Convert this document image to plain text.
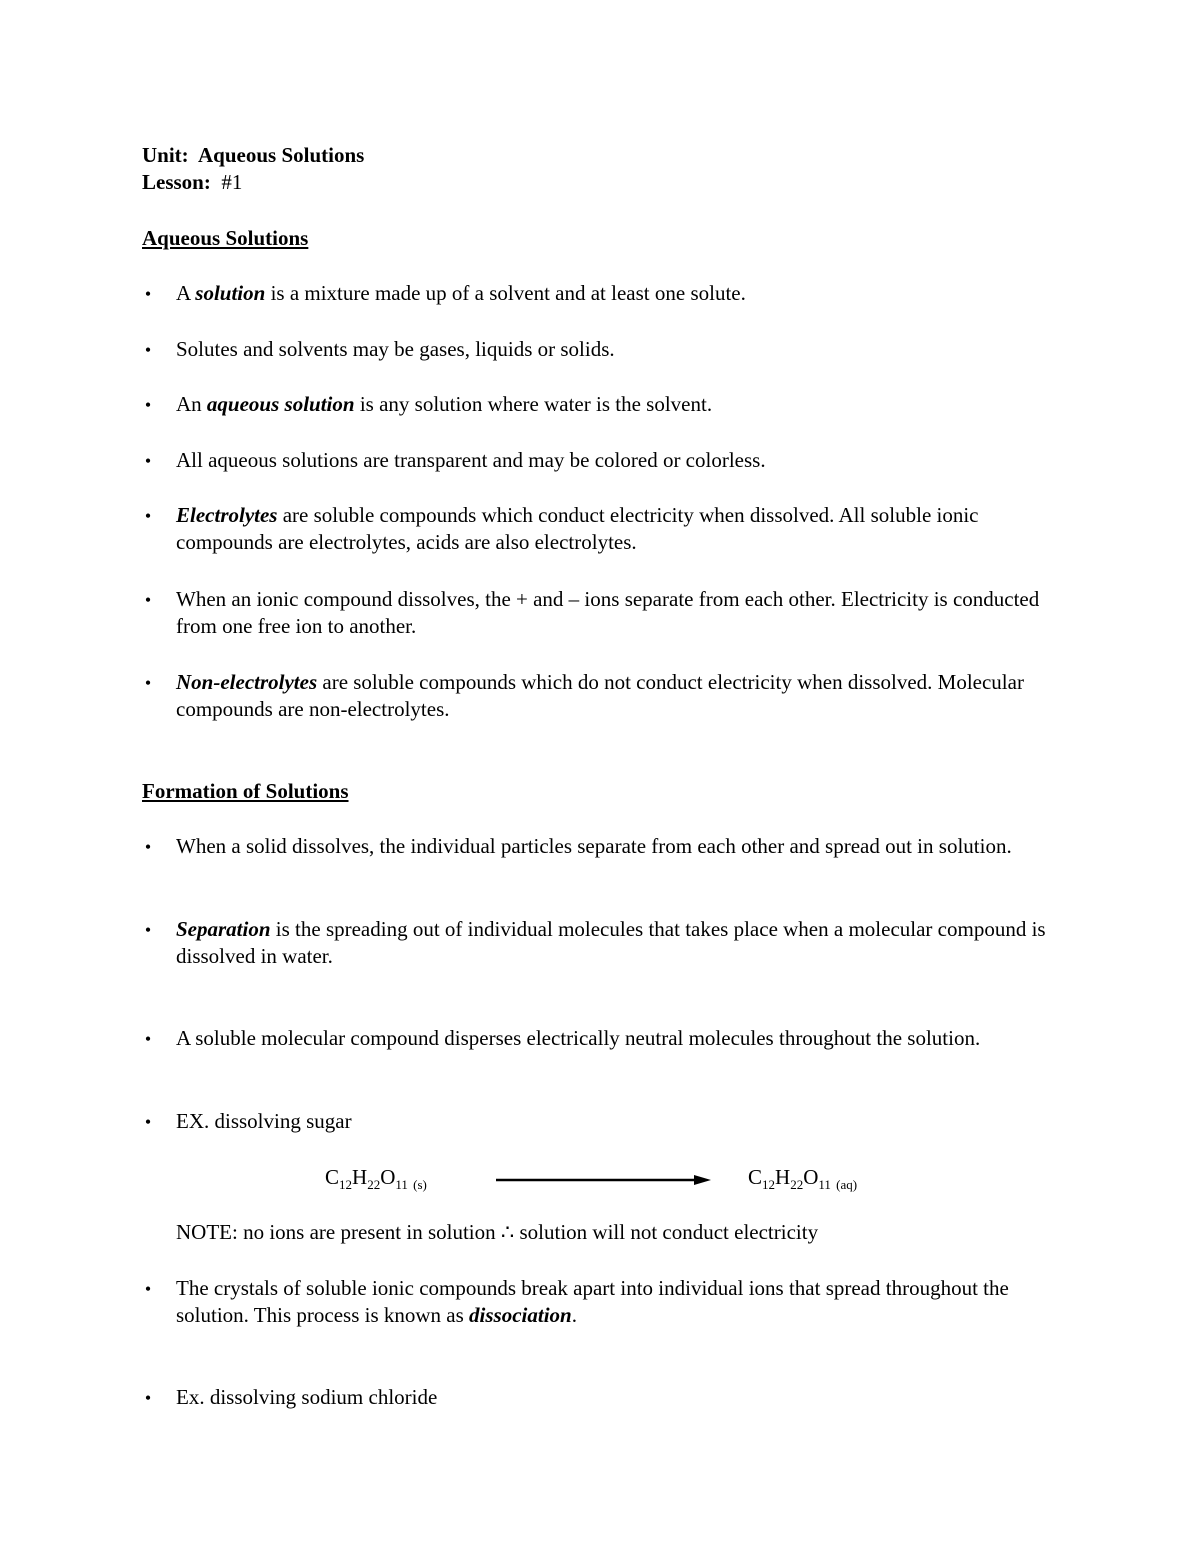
Unit: Aqueous Solutions
Lesson: #1
Aqueous Solutions
• A solution is a mixture made up of a solvent and at least one solute.
• Solutes and solvents may be gases, liquids or solids.
• An aqueous solution is any solution where water is the solvent.
• All aqueous solutions are transparent and may be colored or colorless.
• Electrolytes are soluble compounds which conduct electricity when dissolved. All soluble ionic compounds are electrolytes, acids are also electrolytes.
• When an ionic compound dissolves, the + and – ions separate from each other. Electricity is conducted from one free ion to another.
• Non-electrolytes are soluble compounds which do not conduct electricity when dissolved. Molecular compounds are non-electrolytes.
Formation of Solutions
• When a solid dissolves, the individual particles separate from each other and spread out in solution.
• Separation is the spreading out of individual molecules that takes place when a molecular compound is dissolved in water.
• A soluble molecular compound disperses electrically neutral molecules throughout the solution.
• EX. dissolving sugar
$C_{12}H_{22}O_{11}$ $_{(s)}$	$C_{12}H_{22}O_{11}$ $_{(aq)}$
NOTE: no ions are present in solution ∴ solution will not conduct electricity
• The crystals of soluble ionic compounds break apart into individual ions that spread throughout the solution. This process is known as dissociation.
• Ex. dissolving sodium chloride
